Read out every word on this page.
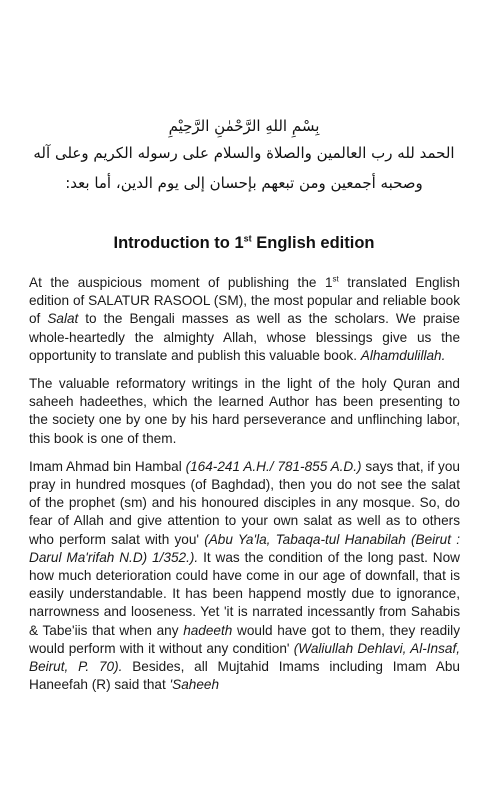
بِسْمِ اللهِ الرَّحْمٰنِ الرَّحِيْمِ
الحمد لله رب العالمين والصلاة والسلام على رسوله الكريم وعلى آله
وصحبه أجمعين ومن تبعهم بإحسان إلى يوم الدين، أما بعد:
Introduction to 1st English edition

At the auspicious moment of publishing the 1st translated English edition of SALATUR RASOOL (SM), the most popular and reliable book of Salat to the Bengali masses as well as the scholars. We praise whole-heartedly the almighty Allah, whose blessings give us the opportunity to translate and publish this valuable book. Alhamdulillah.

The valuable reformatory writings in the light of the holy Quran and saheeh hadeethes, which the learned Author has been presenting to the society one by one by his hard perseverance and unflinching labor, this book is one of them.

Imam Ahmad bin Hambal (164-241 A.H./ 781-855 A.D.) says that, if you pray in hundred mosques (of Baghdad), then you do not see the salat of the prophet (sm) and his honoured disciples in any mosque. So, do fear of Allah and give attention to your own salat as well as to others who perform salat with you' (Abu Ya'la, Tabaqa-tul Hanabilah (Beirut : Darul Ma'rifah N.D) 1/352.). It was the condition of the long past. Now how much deterioration could have come in our age of downfall, that is easily understandable. It has been happend mostly due to ignorance, narrowness and looseness. Yet 'it is narrated incessantly from Sahabis & Tabe'iis that when any hadeeth would have got to them, they readily would perform with it without any condition' (Waliullah Dehlavi, Al-Insaf, Beirut, P. 70). Besides, all Mujtahid Imams including Imam Abu Haneefah (R) said that 'Saheeh
